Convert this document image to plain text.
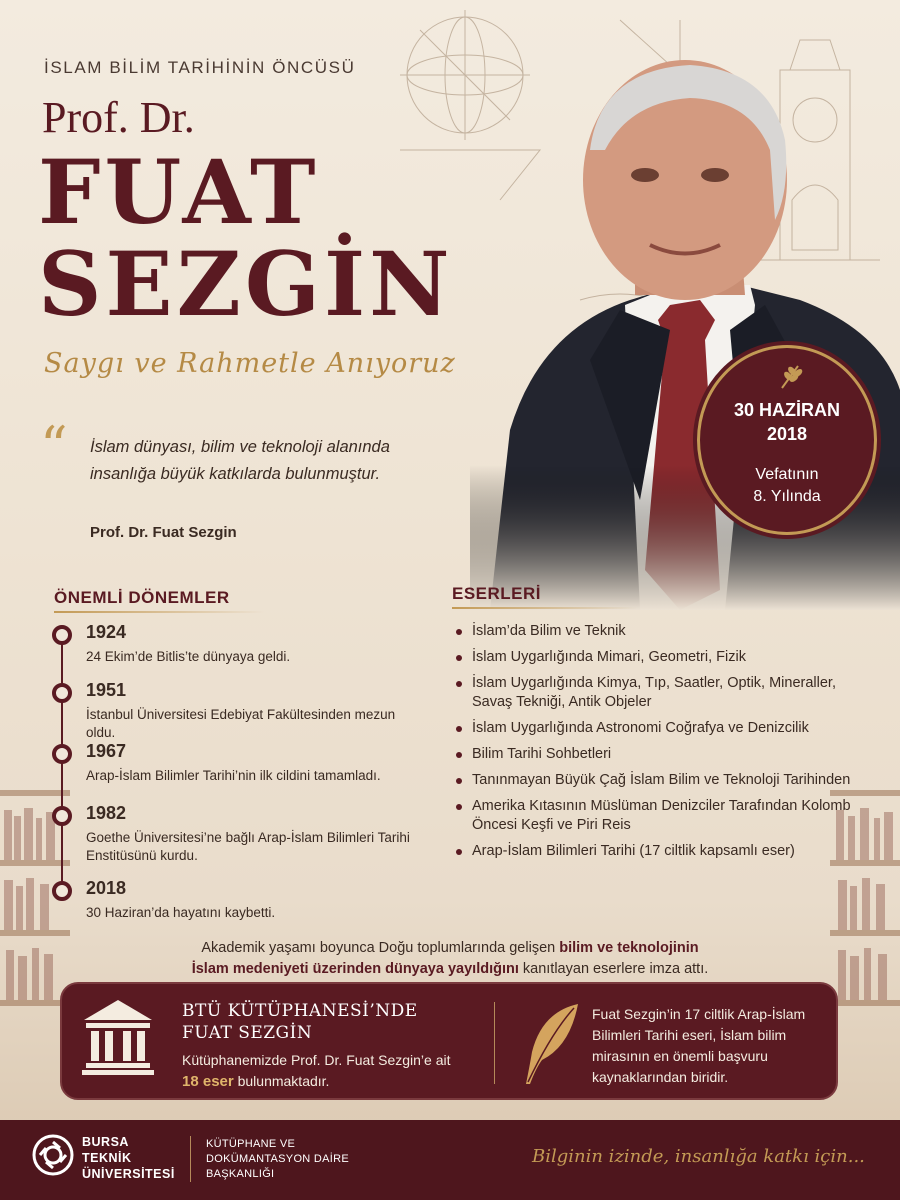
İSLAM BİLİM TARİHİNİN ÖNCÜSÜ
Prof. Dr.
FUAT
SEZGİN
Saygı ve Rahmetle Anıyoruz
“ İslam dünyası, bilim ve teknoloji alanında insanlığa büyük katkılarda bulunmuştur.
Prof. Dr. Fuat Sezgin
30 HAZİRAN
2018
Vefatının
8. Yılında
ÖNEMLİ DÖNEMLER
1924
24 Ekim’de Bitlis’te dünyaya geldi.
1951
İstanbul Üniversitesi Edebiyat Fakültesinden mezun oldu.
1967
Arap-İslam Bilimler Tarihi’nin ilk cildini tamamladı.
1982
Goethe Üniversitesi’ne bağlı Arap-İslam Bilimleri Tarihi Enstitüsünü kurdu.
2018
30 Haziran’da hayatını kaybetti.
ESERLERİ
İslam’da Bilim ve Teknik
İslam Uygarlığında Mimari, Geometri, Fizik
İslam Uygarlığında Kimya, Tıp, Saatler, Optik, Mineraller, Savaş Tekniği, Antik Objeler
İslam Uygarlığında Astronomi Coğrafya ve Denizcilik
Bilim Tarihi Sohbetleri
Tanınmayan Büyük Çağ İslam Bilim ve Teknoloji Tarihinden
Amerika Kıtasının Müslüman Denizciler Tarafından Kolomb Öncesi Keşfi ve Piri Reis
Arap-İslam Bilimleri Tarihi (17 ciltlik kapsamlı eser)
Akademik yaşamı boyunca Doğu toplumlarında gelişen bilim ve teknolojinin
İslam medeniyeti üzerinden dünyaya yayıldığını kanıtlayan eserlere imza attı.
BTÜ KÜTÜPHANESİ’NDE
FUAT SEZGİN
Kütüphanemizde Prof. Dr. Fuat Sezgin’e ait
18 eser bulunmaktadır.
Fuat Sezgin’in 17 ciltlik Arap-İslam Bilimleri Tarihi eseri, İslam bilim mirasının en önemli başvuru kaynaklarından biridir.
BURSA
TEKNİK
ÜNİVERSİTESİ
KÜTÜPHANE VE
DOKÜMANTASYON DAİRE
BAŞKANLIĞI
Bilginin izinde, insanlığa katkı için...
